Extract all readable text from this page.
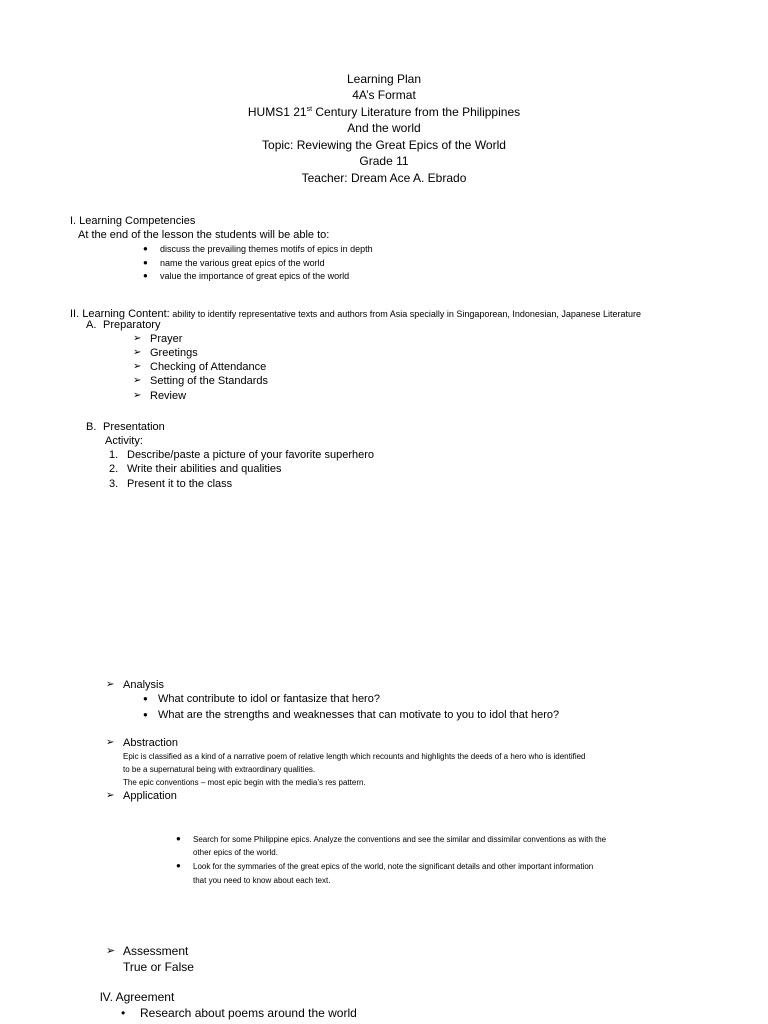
Learning Plan
4A’s Format
HUMS1 21st Century Literature from the Philippines
And the world
Topic: Reviewing the Great Epics of the World
Grade 11
Teacher: Dream Ace A. Ebrado
I. Learning Competencies
At the end of the lesson the students will be able to:
● discuss the prevailing themes motifs of epics in depth
● name the various great epics of the world
● value the importance of great epics of the world
II. Learning Content: ability to identify representative texts and authors from Asia specially in Singaporean, Indonesian, Japanese Literature
A. Preparatory
➢ Prayer
➢ Greetings
➢ Checking of Attendance
➢ Setting of the Standards
➢ Review
B. Presentation
Activity:
1. Describe/paste a picture of your favorite superhero
2. Write their abilities and qualities
3. Present it to the class
➢ Analysis
● What contribute to idol or fantasize that hero?
● What are the strengths and weaknesses that can motivate to you to idol that hero?
➢ Abstraction
Epic is classified as a kind of a narrative poem of relative length which recounts and highlights the deeds of a hero who is identified
to be a supernatural being with extraordinary qualities.
The epic conventions – most epic begin with the media’s res pattern.
➢ Application
● Search for some Philippine epics. Analyze the conventions and see the similar and dissimilar conventions as with the
other epics of the world.
● Look for the symmaries of the great epics of the world, note the significant details and other important information
that you need to know about each text.
➢ Assessment
True or False
lV. Agreement
• Research about poems around the world
